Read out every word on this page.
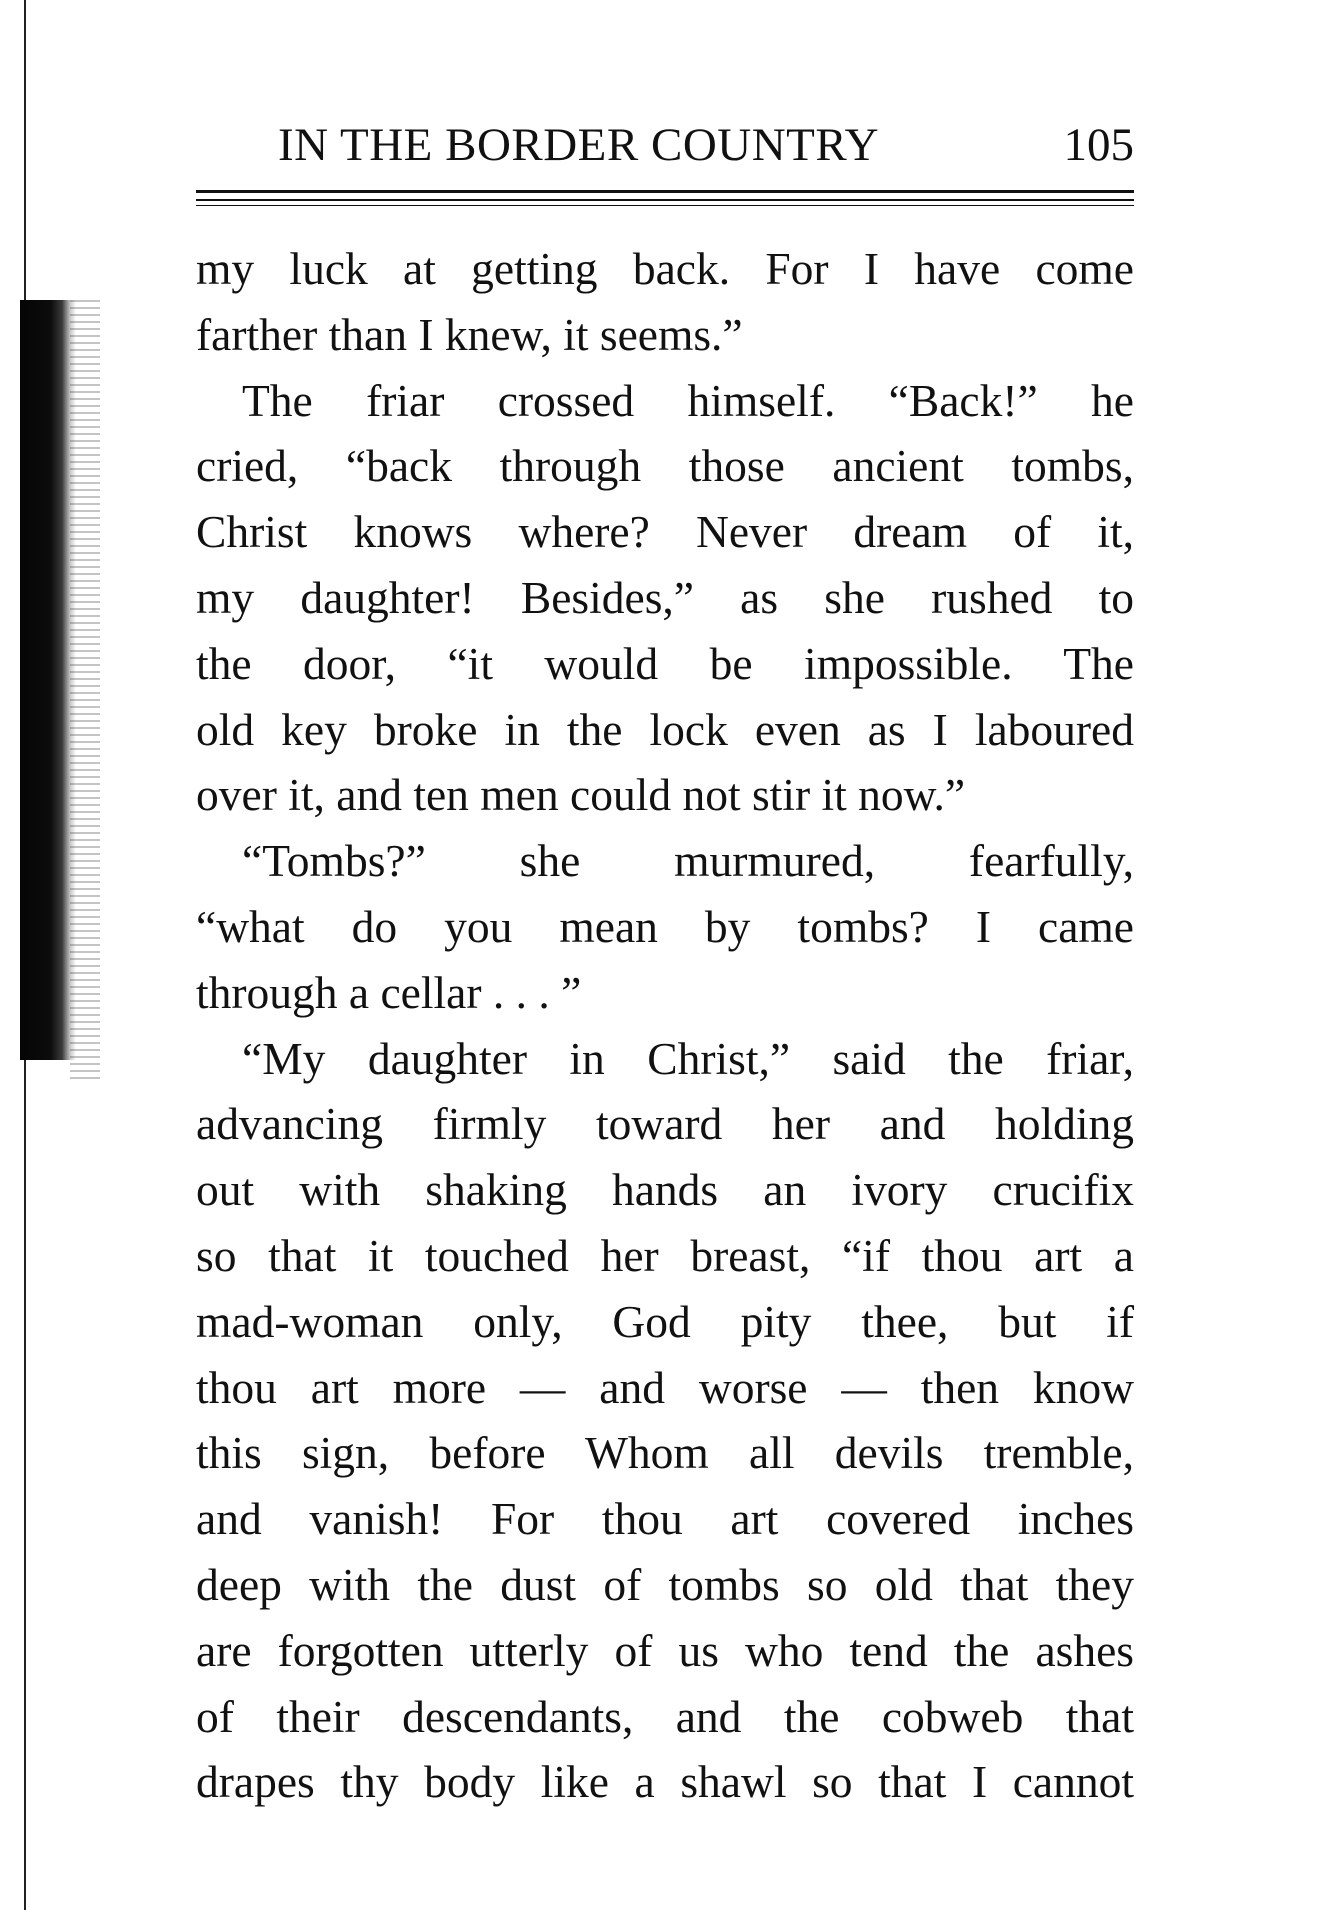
IN THE BORDER COUNTRY	105
my luck at getting back. For I have come
farther than I knew, it seems.”
The friar crossed himself. “Back!” he
cried, “back through those ancient tombs,
Christ knows where? Never dream of it,
my daughter! Besides,” as she rushed to
the door, “it would be impossible. The
old key broke in the lock even as I laboured
over it, and ten men could not stir it now.”
“Tombs?” she murmured, fearfully,
“what do you mean by tombs? I came
through a cellar . . . ”
“My daughter in Christ,” said the friar,
advancing firmly toward her and holding
out with shaking hands an ivory crucifix
so that it touched her breast, “if thou art a
mad-woman only, God pity thee, but if
thou art more — and worse — then know
this sign, before Whom all devils tremble,
and vanish! For thou art covered inches
deep with the dust of tombs so old that they
are forgotten utterly of us who tend the ashes
of their descendants, and the cobweb that
drapes thy body like a shawl so that I cannot
